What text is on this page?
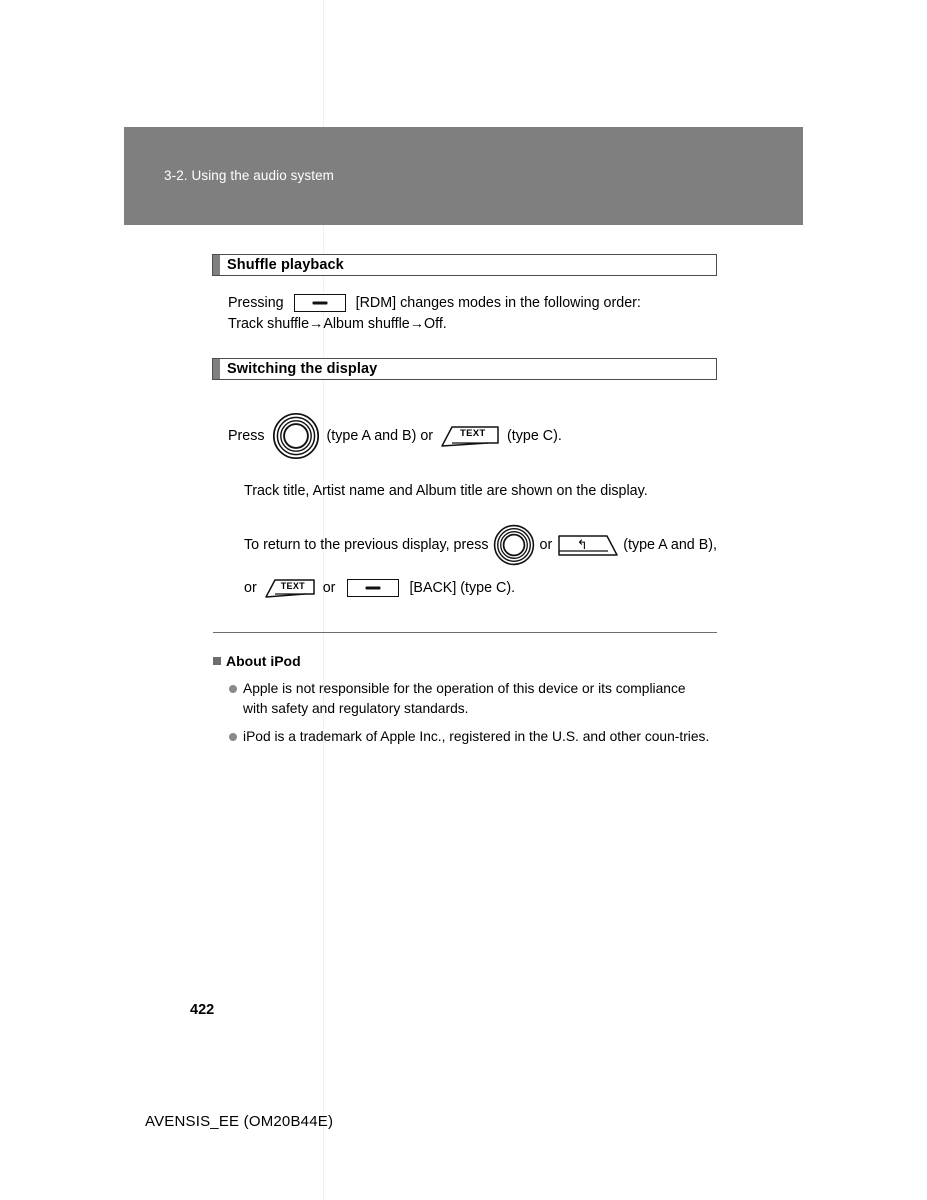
3-2. Using the audio system
Shuffle playback
Pressing	[RDM] changes modes in the following order:
Track shuffle→Album shuffle→Off.
Switching the display
Press	(type A and B) or	TEXT (type C).
Track title, Artist name and Album title are shown on the display.
To return to the previous display, press	or ↰ (type A and B),
or	TEXT or	[BACK] (type C).
About iPod
Apple is not responsible for the operation of this device or its compliance with safety and regulatory standards.
iPod is a trademark of Apple Inc., registered in the U.S. and other coun-tries.
422
AVENSIS_EE (OM20B44E)
